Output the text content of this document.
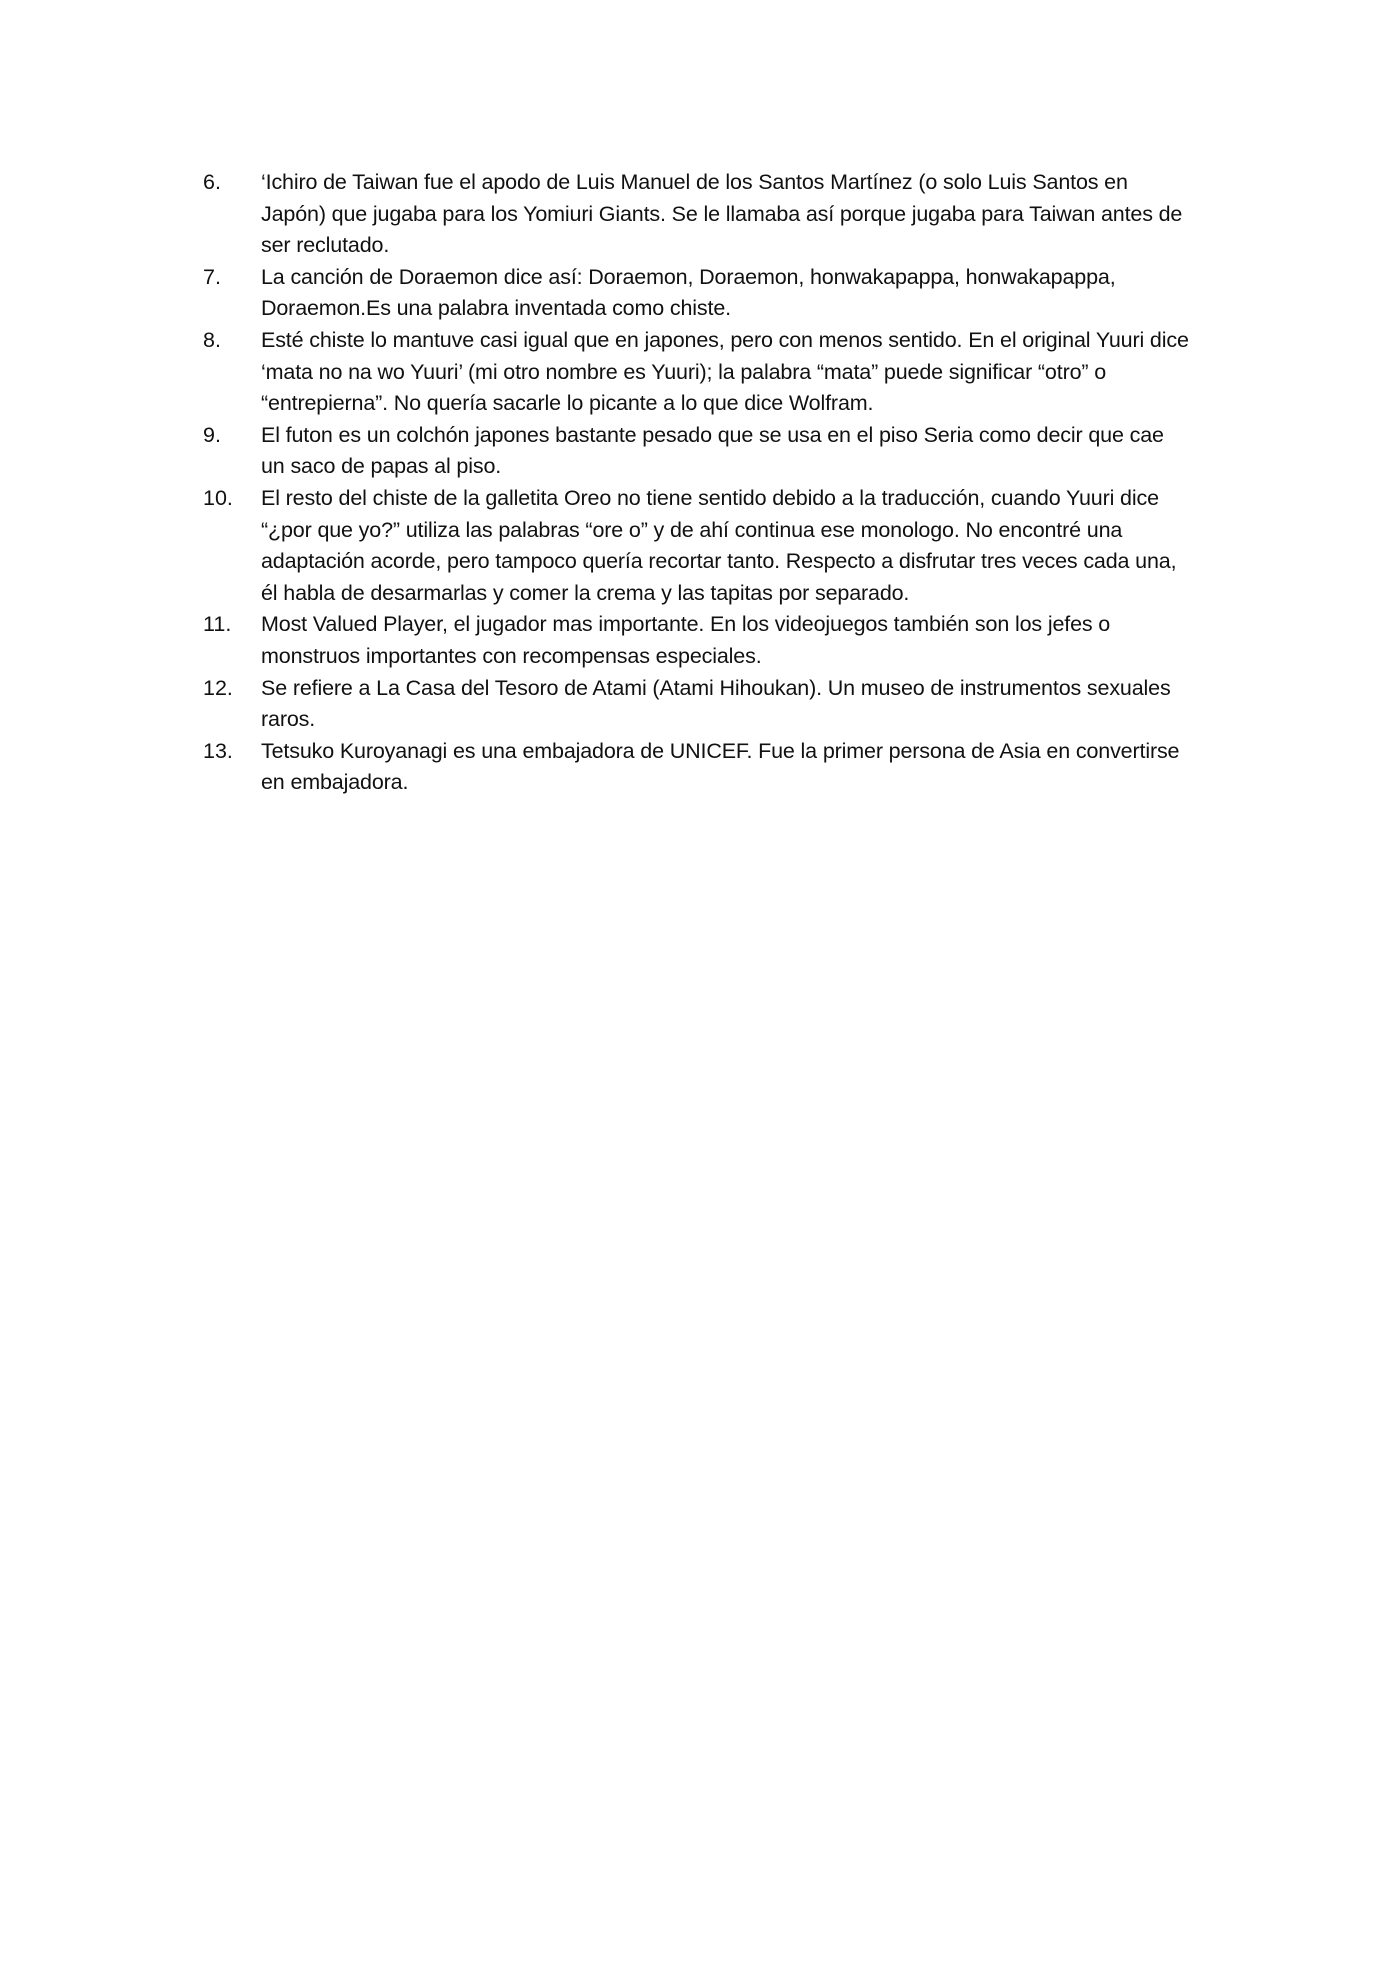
6.	‘Ichiro de Taiwan fue el apodo de Luis Manuel de los Santos Martínez (o solo Luis Santos en Japón) que jugaba para los Yomiuri Giants. Se le llamaba así porque jugaba para Taiwan antes de ser reclutado.
7.	La canción de Doraemon dice así: Doraemon, Doraemon, honwakapappa, honwakapappa, Doraemon.Es una palabra inventada como chiste.
8.	Esté chiste lo mantuve casi igual que en japones, pero con menos sentido. En el original Yuuri dice ‘mata no na wo Yuuri’ (mi otro nombre es Yuuri); la palabra “mata” puede significar “otro” o “entrepierna”. No quería sacarle lo picante a lo que dice Wolfram.
9.	El futon es un colchón japones bastante pesado que se usa en el piso Seria como decir que cae un saco de papas al piso.
10.	El resto del chiste de la galletita Oreo no tiene sentido debido a la traducción, cuando Yuuri dice “¿por que yo?” utiliza las palabras “ore o” y de ahí continua ese monologo. No encontré una adaptación acorde, pero tampoco quería recortar tanto. Respecto a disfrutar tres veces cada una, él habla de desarmarlas y comer la crema y las tapitas por separado.
11.	Most Valued Player, el jugador mas importante. En los videojuegos también son los jefes o monstruos importantes con recompensas especiales.
12.	Se refiere a La Casa del Tesoro de Atami (Atami Hihoukan). Un museo de instrumentos sexuales raros.
13.	Tetsuko Kuroyanagi es una embajadora de UNICEF. Fue la primer persona de Asia en convertirse en embajadora.
